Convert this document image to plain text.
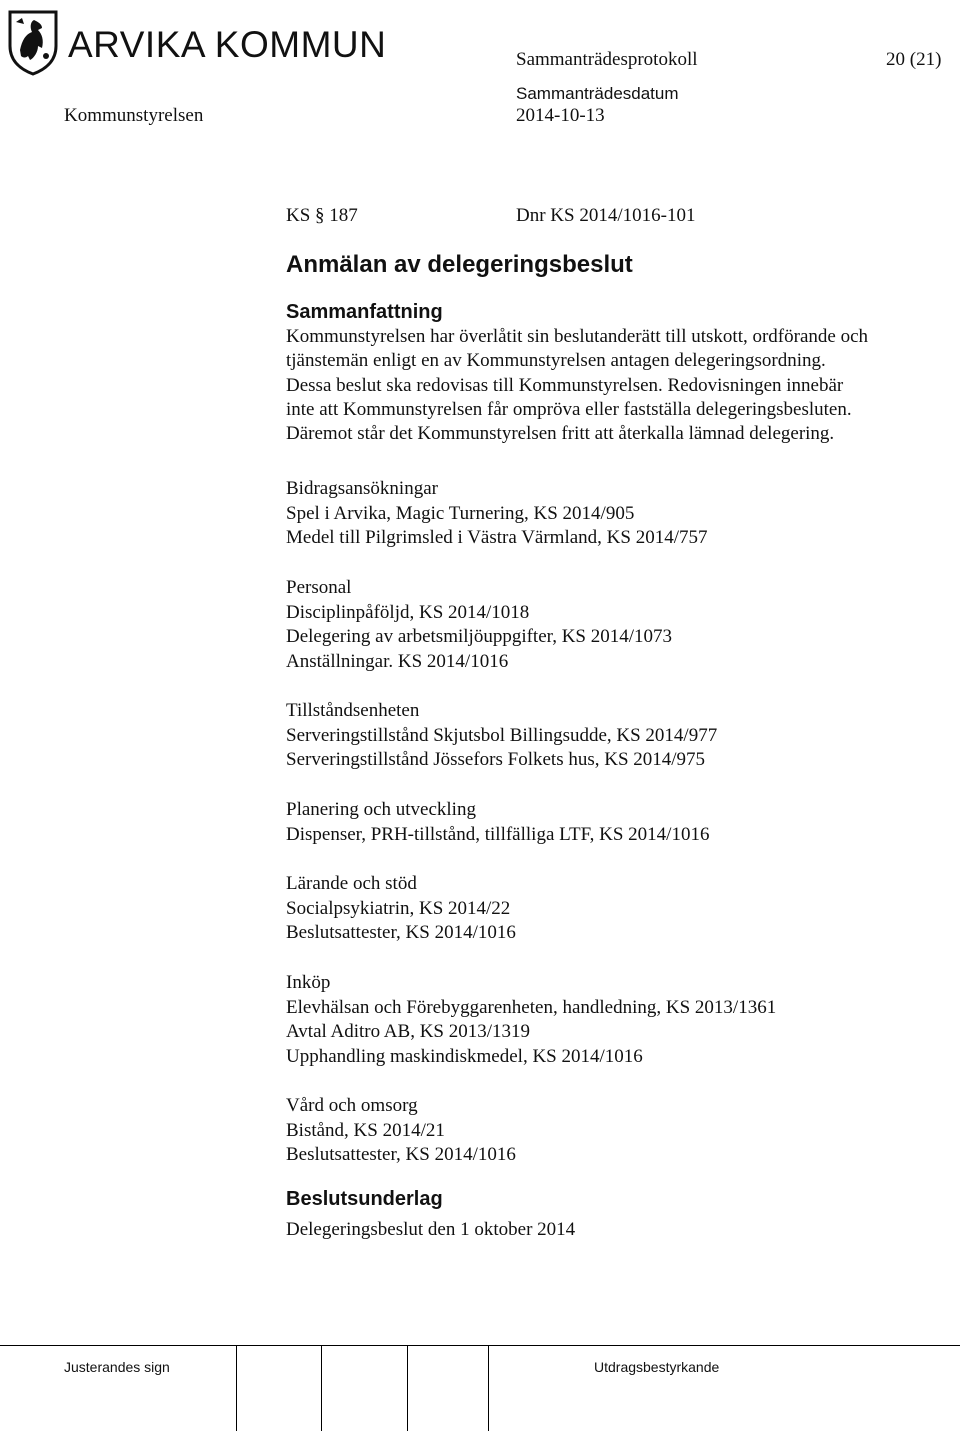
ARVIKA KOMMUN	Sammanträdesprotokoll	20 (21)
Sammanträdesdatum
Kommunstyrelsen	2014-10-13
KS § 187	Dnr KS 2014/1016-101
Anmälan av delegeringsbeslut
Sammanfattning

Kommunstyrelsen har överlåtit sin beslutanderätt till utskott, ordförande och

tjänstemän enligt en av Kommunstyrelsen antagen delegeringsordning.

Dessa beslut ska redovisas till Kommunstyrelsen. Redovisningen innebär

inte att Kommunstyrelsen får ompröva eller fastställa delegeringsbesluten.

Däremot står det Kommunstyrelsen fritt att återkalla lämnad delegering.

Bidragsansökningar
Spel i Arvika, Magic Turnering, KS 2014/905
Medel till Pilgrimsled i Västra Värmland, KS 2014/757
Personal
Disciplinpåföljd, KS 2014/1018
Delegering av arbetsmiljöuppgifter, KS 2014/1073
Anställningar. KS 2014/1016
Tillståndsenheten
Serveringstillstånd Skjutsbol Billingsudde, KS 2014/977
Serveringstillstånd Jössefors Folkets hus, KS 2014/975
Planering och utveckling
Dispenser, PRH-tillstånd, tillfälliga LTF, KS 2014/1016
Lärande och stöd
Socialpsykiatrin, KS 2014/22
Beslutsattester, KS 2014/1016
Inköp
Elevhälsan och Förebyggarenheten, handledning, KS 2013/1361
Avtal Aditro AB, KS 2013/1319
Upphandling maskindiskmedel, KS 2014/1016
Vård och omsorg
Bistånd, KS 2014/21
Beslutsattester, KS 2014/1016
Beslutsunderlag
Delegeringsbeslut den 1 oktober 2014
Justerandes sign	Utdragsbestyrkande
